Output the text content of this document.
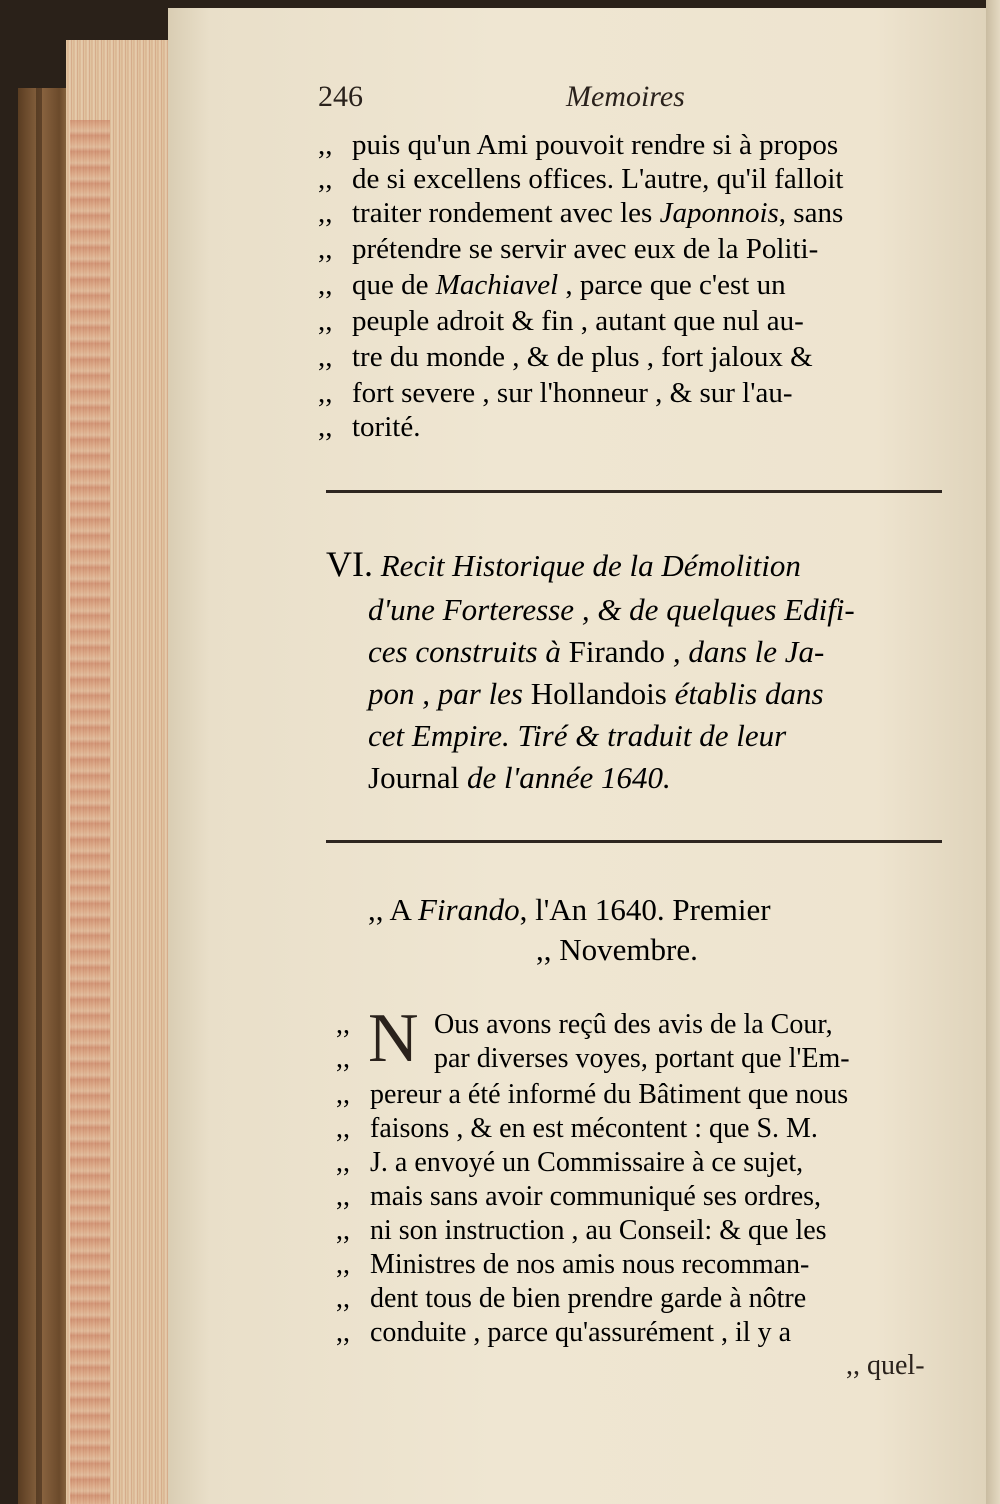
246	Memoires
,, puis qu'un Ami pouvoit rendre si à propos
,, de si excellens offices. L'autre, qu'il falloit
,, traiter rondement avec les Japonnois, sans
,, prétendre se servir avec eux de la Politi-
,, que de Machiavel , parce que c'est un
,, peuple adroit & fin , autant que nul au-
,, tre du monde , & de plus , fort jaloux &
,, fort severe , sur l'honneur , & sur l'au-
,, torité.
VI. Recit Historique de la Démolition
d'une Forteresse , & de quelques Edifi-
ces construits à Firando , dans le Ja-
pon , par les Hollandois établis dans
cet Empire. Tiré & traduit de leur
Journal de l'année 1640.
,, A Firando, l'An 1640. Premier
,, Novembre.
N
,,	Ous avons reçû des avis de la Cour,
,,	par diverses voyes, portant que l'Em-
,, pereur a été informé du Bâtiment que nous
,, faisons , & en est mécontent : que S. M.
,, J. a envoyé un Commissaire à ce sujet,
,, mais sans avoir communiqué ses ordres,
,, ni son instruction , au Conseil: & que les
,, Ministres de nos amis nous recomman-
,, dent tous de bien prendre garde à nôtre
,, conduite , parce qu'assurément , il y a
,, quel-
